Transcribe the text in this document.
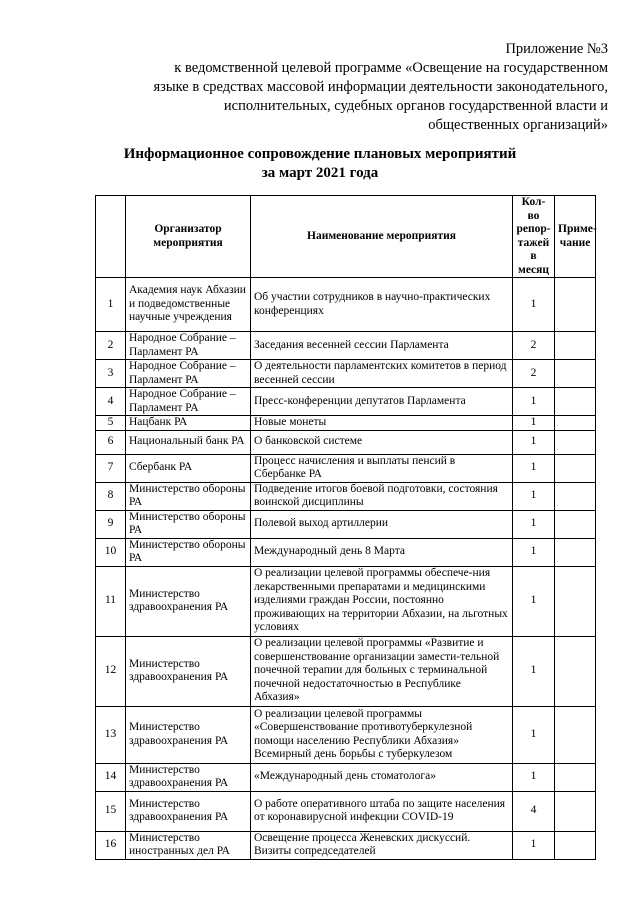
Приложение №3
к ведомственной целевой программе «Освещение на государственном
языке в средствах массовой информации деятельности законодательного,
исполнительных, судебных органов государственной власти и
общественных организаций»
Информационное сопровождение плановых мероприятий
за март 2021 года
	Организатор мероприятия	Наименование мероприятия	Кол-во репор-тажей в месяц	Приме-чание
1	Академия наук Абхазии и подведомственные научные учреждения	Об участии сотрудников в научно-практических конференциях	1	
2	Народное Собрание – Парламент РА	Заседания весенней сессии Парламента	2	
3	Народное Собрание – Парламент РА	О деятельности парламентских комитетов в период весенней сессии	2	
4	Народное Собрание – Парламент РА	Пресс-конференции депутатов Парламента	1	
5	Нацбанк РА	Новые монеты	1	
6	Национальный банк РА	О банковской системе	1	
7	Сбербанк РА	Процесс начисления и выплаты пенсий в Сбербанке РА	1	
8	Министерство обороны РА	Подведение итогов боевой подготовки, состояния воинской дисциплины	1	
9	Министерство обороны РА	Полевой выход артиллерии	1	
10	Министерство обороны РА	Международный день 8 Марта	1	
11	Министерство здравоохранения РА	О реализации целевой программы обеспече-ния лекарственными препаратами и медицинскими изделиями граждан России, постоянно проживающих на территории Абхазии, на льготных условиях	1	
12	Министерство здравоохранения РА	О реализации целевой программы «Развитие и совершенствование организации замести-тельной почечной терапии для больных с терминальной почечной недостаточностью в Республике Абхазия»	1	
13	Министерство здравоохранения РА	О реализации целевой программы «Совершенствование противотуберкулезной помощи населению Республики Абхазия» Всемирный день борьбы с туберкулезом	1	
14	Министерство здравоохранения РА	«Международный день стоматолога»	1	
15	Министерство здравоохранения РА	О работе оперативного штаба по защите населения от коронавирусной инфекции COVID-19	4	
16	Министерство иностранных дел РА	Освещение процесса Женевских дискуссий. Визиты сопредседателей	1	
